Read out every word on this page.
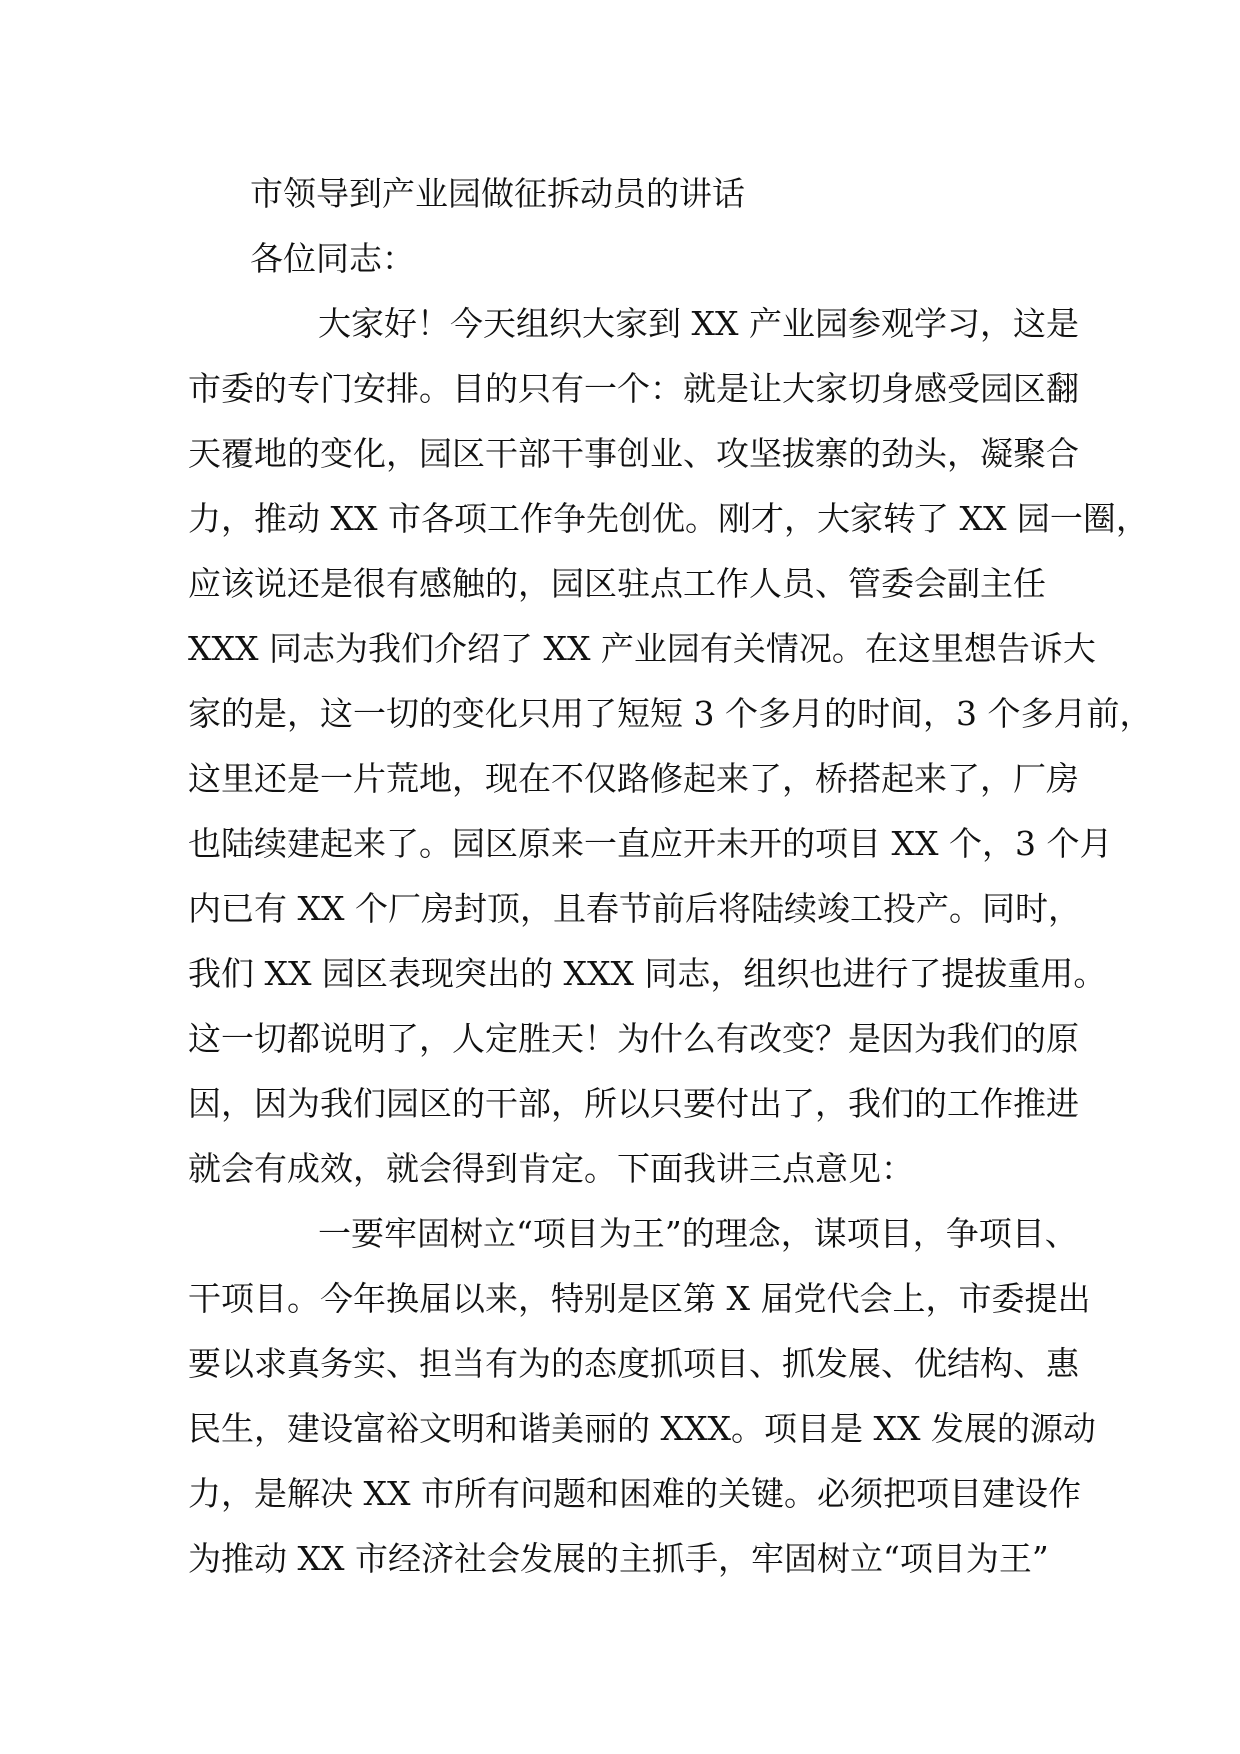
市领导到产业园做征拆动员的讲话
各位同志：
大家好！今天组织大家到 XX 产业园参观学习，这是
市委的专门安排。目的只有一个：就是让大家切身感受园区翻
天覆地的变化，园区干部干事创业、攻坚拔寨的劲头，凝聚合
力，推动 XX 市各项工作争先创优。刚才，大家转了 XX 园一圈，
应该说还是很有感触的，园区驻点工作人员、管委会副主任
XXX 同志为我们介绍了 XX 产业园有关情况。在这里想告诉大
家的是，这一切的变化只用了短短 3 个多月的时间，3 个多月前，
这里还是一片荒地，现在不仅路修起来了，桥搭起来了，厂房
也陆续建起来了。园区原来一直应开未开的项目 XX 个，3 个月
内已有 XX 个厂房封顶，且春节前后将陆续竣工投产。同时，
我们 XX 园区表现突出的 XXX 同志，组织也进行了提拔重用。
这一切都说明了，人定胜天！为什么有改变？是因为我们的原
因，因为我们园区的干部，所以只要付出了，我们的工作推进
就会有成效，就会得到肯定。下面我讲三点意见：
一要牢固树立“项目为王”的理念，谋项目，争项目、
干项目。今年换届以来，特别是区第 X 届党代会上，市委提出
要以求真务实、担当有为的态度抓项目、抓发展、优结构、惠
民生，建设富裕文明和谐美丽的 XXX。项目是 XX 发展的源动
力，是解决 XX 市所有问题和困难的关键。必须把项目建设作
为推动 XX 市经济社会发展的主抓手，牢固树立“项目为王”
